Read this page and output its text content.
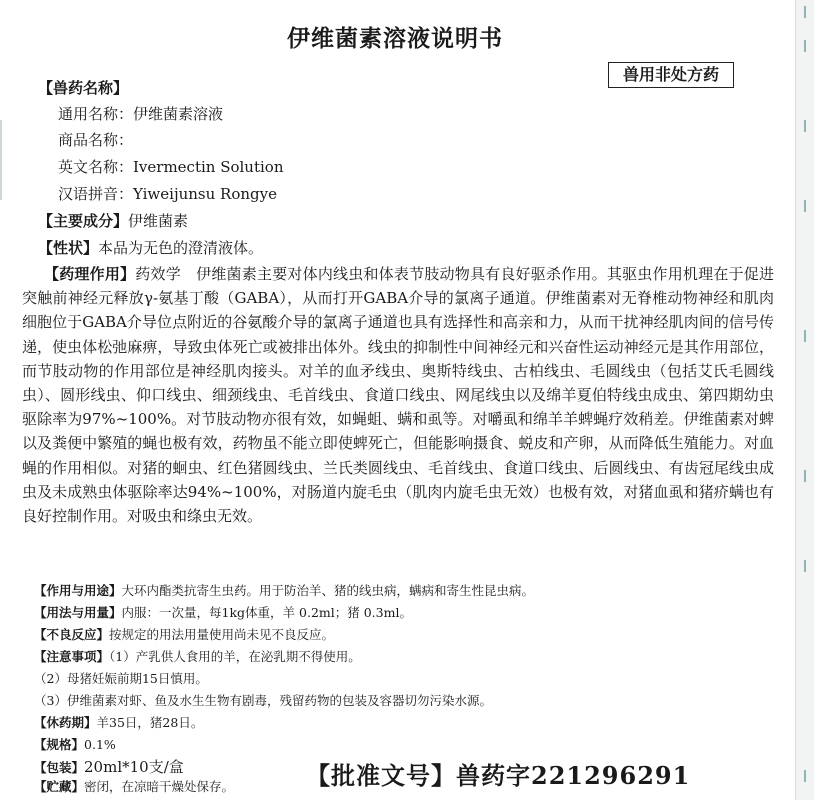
伊维菌素溶液说明书
兽用非处方药
【兽药名称】
通用名称：伊维菌素溶液
商品名称：
英文名称：Ivermectin Solution
汉语拼音：Yiweijunsu Rongye
【主要成分】伊维菌素
【性状】本品为无色的澄清液体。
【药理作用】药效学　伊维菌素主要对体内线虫和体表节肢动物具有良好驱杀作用。其驱虫作用机理在于促进突触前神经元释放γ-氨基丁酸（GABA），从而打开GABA介导的氯离子通道。伊维菌素对无脊椎动物神经和肌肉细胞位于GABA介导位点附近的谷氨酸介导的氯离子通道也具有选择性和高亲和力，从而干扰神经肌肉间的信号传递，使虫体松弛麻痹，导致虫体死亡或被排出体外。线虫的抑制性中间神经元和兴奋性运动神经元是其作用部位，而节肢动物的作用部位是神经肌肉接头。对羊的血矛线虫、奥斯特线虫、古柏线虫、毛圆线虫（包括艾氏毛圆线虫）、圆形线虫、仰口线虫、细颈线虫、毛首线虫、食道口线虫、网尾线虫以及绵羊夏伯特线虫成虫、第四期幼虫驱除率为97%~100%。对节肢动物亦很有效，如蝇蛆、螨和虱等。对嚼虱和绵羊羊蜱蝇疗效稍差。伊维菌素对蜱以及粪便中繁殖的蝇也极有效，药物虽不能立即使蜱死亡，但能影响摄食、蜕皮和产卵，从而降低生殖能力。对血蝇的作用相似。对猪的蛔虫、红色猪圆线虫、兰氏类圆线虫、毛首线虫、食道口线虫、后圆线虫、有齿冠尾线虫成虫及未成熟虫体驱除率达94%~100%，对肠道内旋毛虫（肌肉内旋毛虫无效）也极有效，对猪血虱和猪疥螨也有良好控制作用。对吸虫和绦虫无效。
【作用与用途】大环内酯类抗寄生虫药。用于防治羊、猪的线虫病，螨病和寄生性昆虫病。
【用法与用量】内服：一次量，每1kg体重，羊 0.2ml；猪 0.3ml。
【不良反应】按规定的用法用量使用尚未见不良反应。
【注意事项】（1）产乳供人食用的羊，在泌乳期不得使用。
（2）母猪妊娠前期15日慎用。
（3）伊维菌素对虾、鱼及水生生物有剧毒，残留药物的包装及容器切勿污染水源。
【休药期】羊35日，猪28日。
【规格】0.1%
【包装】20ml*10支/盒
【贮藏】密闭，在凉暗干燥处保存。	【批准文号】兽药字221296291
